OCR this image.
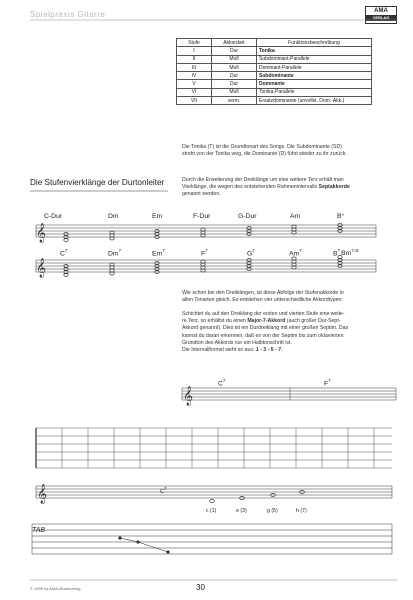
Spielpraxis Gitarre	AMA
VERLAG
Stufe	Akkordart	Funktionsbeschreibung
I	Dur	Tonika
II	Moll	Subdominant-Parallele
III	Moll	Dominant-Parallele
IV	Dur	Subdominante
V	Dur	Dominante
VI	Moll	Tonika-Parallele
VII	verm.	Ersatzdominante (unvollst. Dom.-Akk.)
Die Tonika (T) ist die Grundtonart des Songs. Die Subdominante (SD)
strebt von der Tonika weg, die Dominante (D) führt wieder zu ihr zurück.
Die Stufenvierklänge der Durtonleiter	Durch die Erweiterung der Dreiklänge um eine weitere Terz erhält man
Vierklänge, die wegen des entstehenden Rahmenintervalls Septakkorde
genannt werden.
C-Dur	Dm	Em	F-Dur	G-Dur	Am	B°
$C^7$	Dm$^7$	Em$^7$	$F^7$	$G^7$	Am$^7$	$B^7Bm^{7♭5}$
Wie schon bei den Dreiklängen, ist diese Abfolge der Stufenakkorde in
allen Tonarten gleich. Es entstehen vier unterschiedliche Akkordtypen:
Schichtet du auf den Dreiklang der ersten und vierten Stufe eine weite-
re Terz, so erhältst du einen Major-7-Akkord (auch großer Dur-Sept-
Akkord genannt). Dies ist ein Durdreiklang mit einer großen Septim. Das
kannst du daran erkennen, daß es von der Septim bis zum oktavierten
Grundton des Akkords nur ein Halbtonschritt ist.
Die Intervallformel sieht so aus: 1 - 3 - 5 - 7.
$C^7$	$F^7$
$C^7$
c (1)	e (3)	g (5)	h (7)
TAB
𝄞
𝄞
𝄞
𝄞
© 1995 by AMA-Musikverlag	30
